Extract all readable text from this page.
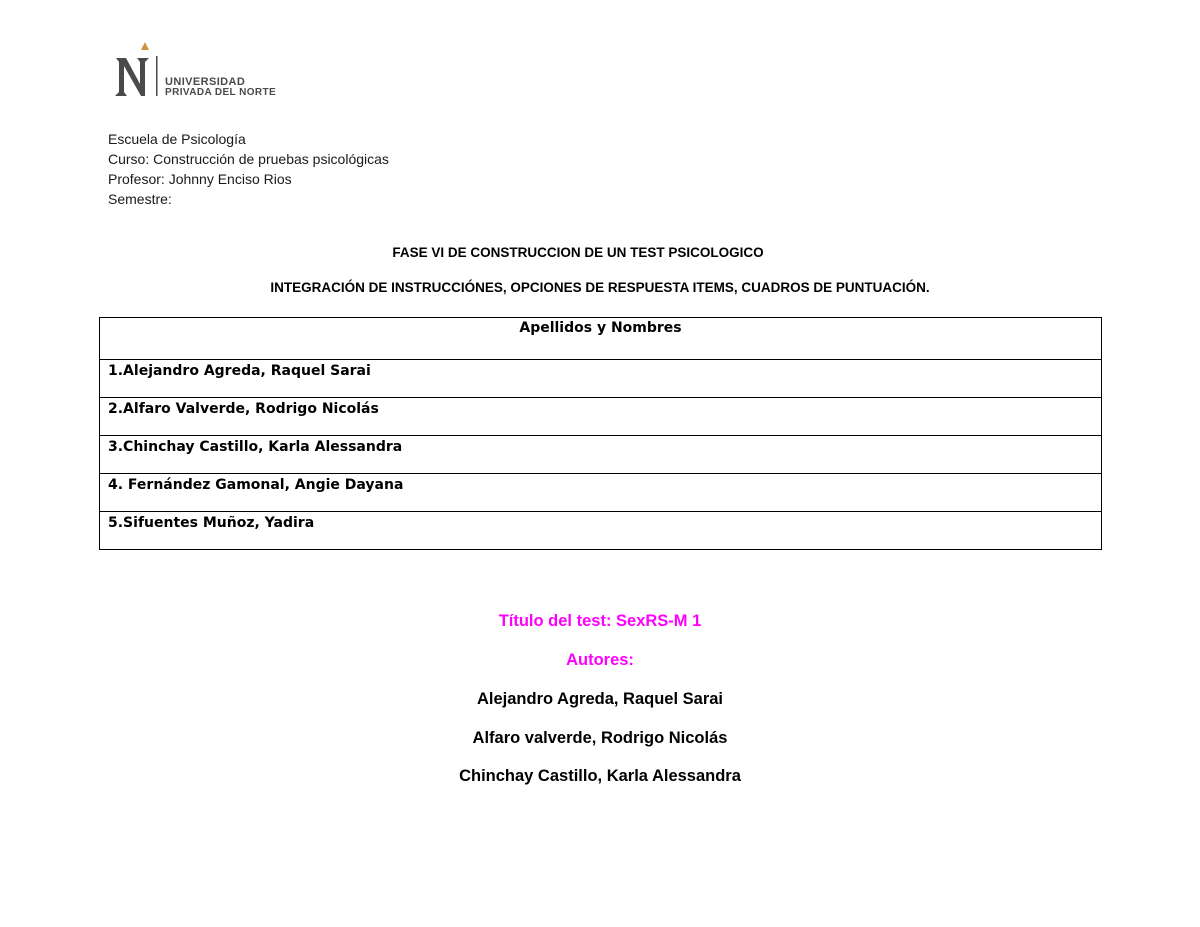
UNIVERSIDAD
PRIVADA DEL NORTE
Escuela de Psicología
Curso: Construcción de pruebas psicológicas
Profesor: Johnny Enciso Rios
Semestre:
FASE VI DE CONSTRUCCION DE UN TEST PSICOLOGICO
INTEGRACIÓN DE INSTRUCCIÓNES, OPCIONES DE RESPUESTA ITEMS, CUADROS DE PUNTUACIÓN.
Apellidos y Nombres
1.Alejandro Agreda, Raquel Sarai
2.Alfaro Valverde, Rodrigo Nicolás
3.Chinchay Castillo, Karla Alessandra
4. Fernández Gamonal, Angie Dayana
5.Sifuentes Muñoz, Yadira
Título del test: SexRS-M 1
Autores:
Alejandro Agreda, Raquel Sarai
Alfaro valverde, Rodrigo Nicolás
Chinchay Castillo, Karla Alessandra
